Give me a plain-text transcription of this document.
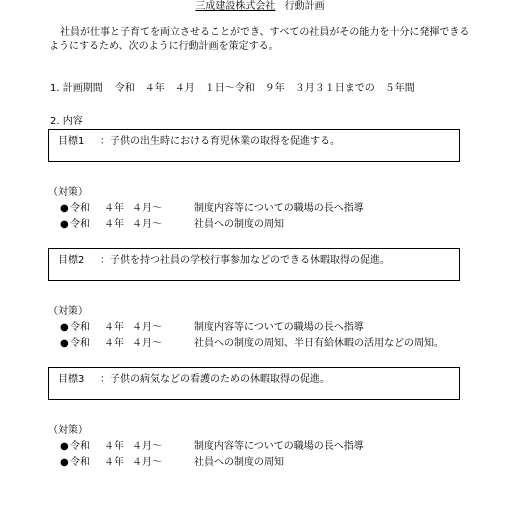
三成建設株式会社 行動計画
社員が仕事と子育てを両立させることができ、すべての社員がその能力を十分に発揮できる
ようにするため、次のように行動計画を策定する。
1. 計画期間 令和　４年　４月　１日～令和　９年　３月３１日までの　５年間
2. 内容
目標1 ：子供の出生時における育児休業の取得を促進する。
（対策）
●令和 ４年 ４月～	制度内容等についての職場の長へ指導
●令和 ４年 ４月～	社員への制度の周知
目標2 ：子供を持つ社員の学校行事参加などのできる休暇取得の促進。
（対策）
●令和 ４年 ４月～	制度内容等についての職場の長へ指導
●令和 ４年 ４月～	社員への制度の周知、半日有給休暇の活用などの周知。
目標3 ：子供の病気などの看護のための休暇取得の促進。
（対策）
●令和 ４年 ４月～	制度内容等についての職場の長へ指導
●令和 ４年 ４月～	社員への制度の周知
